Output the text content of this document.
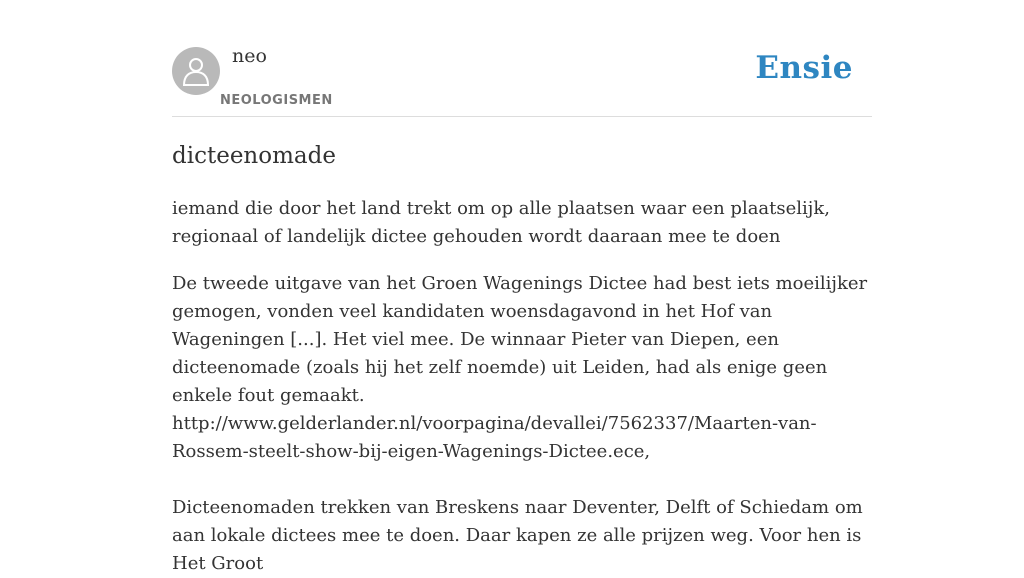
neo
NEOLOGISMEN
Ensie
dicteenomade
iemand die door het land trekt om op alle plaatsen waar een plaatselijk, regionaal of landelijk dictee gehouden wordt daaraan mee te doen

De tweede uitgave van het Groen Wagenings Dictee had best iets moeilijker gemogen, vonden veel kandidaten woensdagavond in het Hof van Wageningen [...]. Het viel mee. De winnaar Pieter van Diepen, een dicteenomade (zoals hij het zelf noemde) uit Leiden, had als enige geen enkele fout gemaakt. http://www.gelderlander.nl/voorpagina/devallei/7562337/Maarten-van-Rossem-steelt-show-bij-eigen-Wagenings-Dictee.ece,

Dicteenomaden trekken van Breskens naar Deventer, Delft of Schiedam om aan lokale dictees mee te doen. Daar kapen ze alle prijzen weg. Voor hen is Het Groot
